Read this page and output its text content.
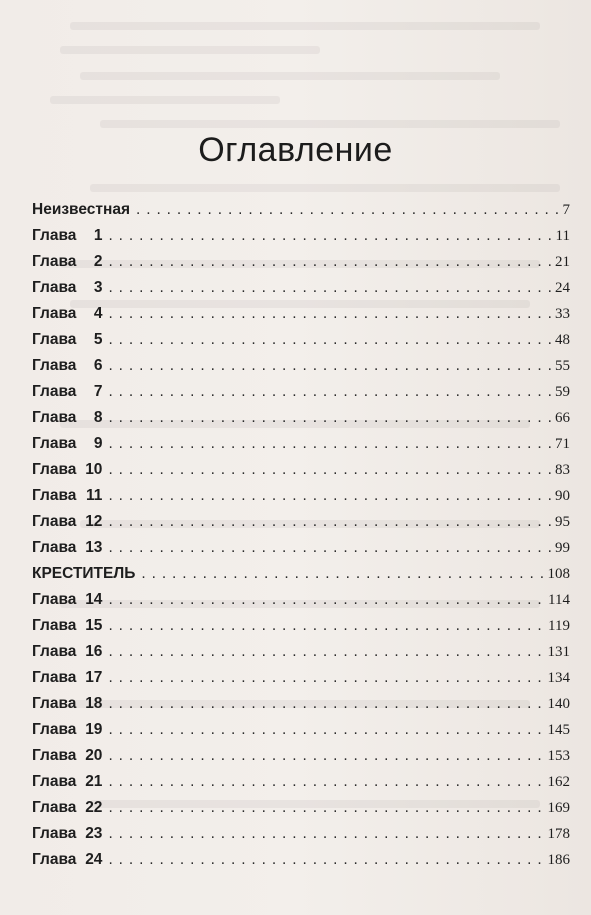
Оглавление
Неизвестная . . .	7
Глава 1 . . .	11
Глава 2 . . .	21
Глава 3 . . .	24
Глава 4 . . .	33
Глава 5 . . .	48
Глава 6 . . .	55
Глава 7 . . .	59
Глава 8 . . .	66
Глава 9 . . .	71
Глава 10 . . .	83
Глава 11 . . .	90
Глава 12 . . .	95
Глава 13 . . .	99
КРЕСТИТЕЛЬ . . .	108
Глава 14 . . .	114
Глава 15 . . .	119
Глава 16 . . .	131
Глава 17 . . .	134
Глава 18 . . .	140
Глава 19 . . .	145
Глава 20 . . .	153
Глава 21 . . .	162
Глава 22 . . .	169
Глава 23 . . .	178
Глава 24 . . .	186
